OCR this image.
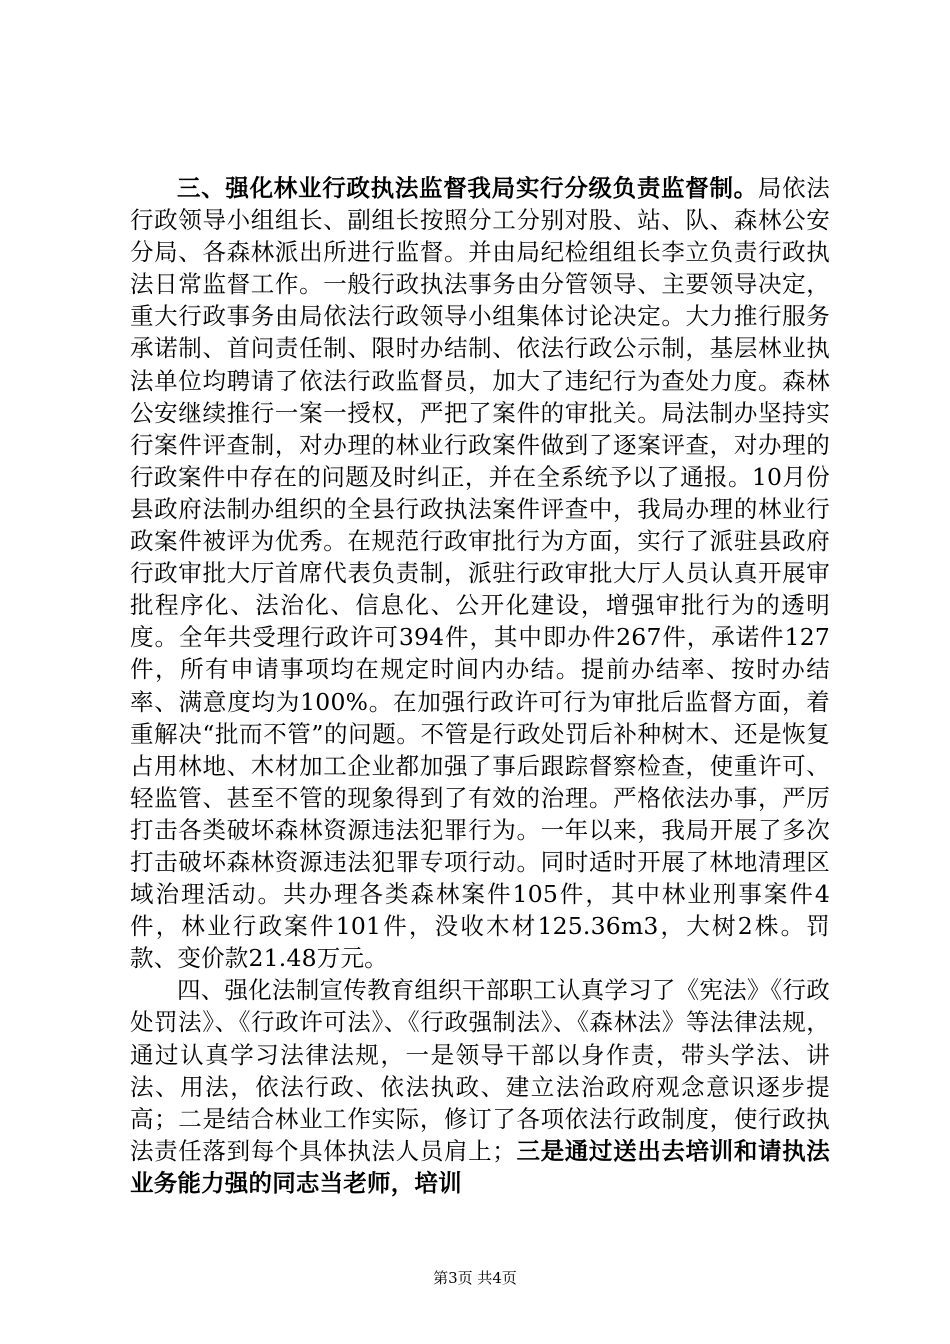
三、强化林业行政执法监督我局实行分级负责监督制。局依法行政领导小组组长、副组长按照分工分别对股、站、队、森林公安分局、各森林派出所进行监督。并由局纪检组组长李立负责行政执法日常监督工作。一般行政执法事务由分管领导、主要领导决定，重大行政事务由局依法行政领导小组集体讨论决定。大力推行服务承诺制、首问责任制、限时办结制、依法行政公示制，基层林业执法单位均聘请了依法行政监督员，加大了违纪行为查处力度。森林公安继续推行一案一授权，严把了案件的审批关。局法制办坚持实行案件评查制，对办理的林业行政案件做到了逐案评查，对办理的行政案件中存在的问题及时纠正，并在全系统予以了通报。10月份县政府法制办组织的全县行政执法案件评查中，我局办理的林业行政案件被评为优秀。在规范行政审批行为方面，实行了派驻县政府行政审批大厅首席代表负责制，派驻行政审批大厅人员认真开展审批程序化、法治化、信息化、公开化建设，增强审批行为的透明度。全年共受理行政许可394件，其中即办件267件，承诺件127件，所有申请事项均在规定时间内办结。提前办结率、按时办结率、满意度均为100%。在加强行政许可行为审批后监督方面，着重解决“批而不管”的问题。不管是行政处罚后补种树木、还是恢复占用林地、木材加工企业都加强了事后跟踪督察检查，使重许可、轻监管、甚至不管的现象得到了有效的治理。严格依法办事，严厉打击各类破坏森林资源违法犯罪行为。一年以来，我局开展了多次打击破坏森林资源违法犯罪专项行动。同时适时开展了林地清理区域治理活动。共办理各类森林案件105件，其中林业刑事案件4件，林业行政案件101件，没收木材125.36m3，大树2株。罚款、变价款21.48万元。

四、强化法制宣传教育组织干部职工认真学习了《宪法》《行政处罚法》、《行政许可法》、《行政强制法》、《森林法》等法律法规，通过认真学习法律法规，一是领导干部以身作责，带头学法、讲法、用法，依法行政、依法执政、建立法治政府观念意识逐步提高；二是结合林业工作实际，修订了各项依法行政制度，使行政执法责任落到每个具体执法人员肩上；三是通过送出去培训和请执法业务能力强的同志当老师，培训

第3页 共4页
